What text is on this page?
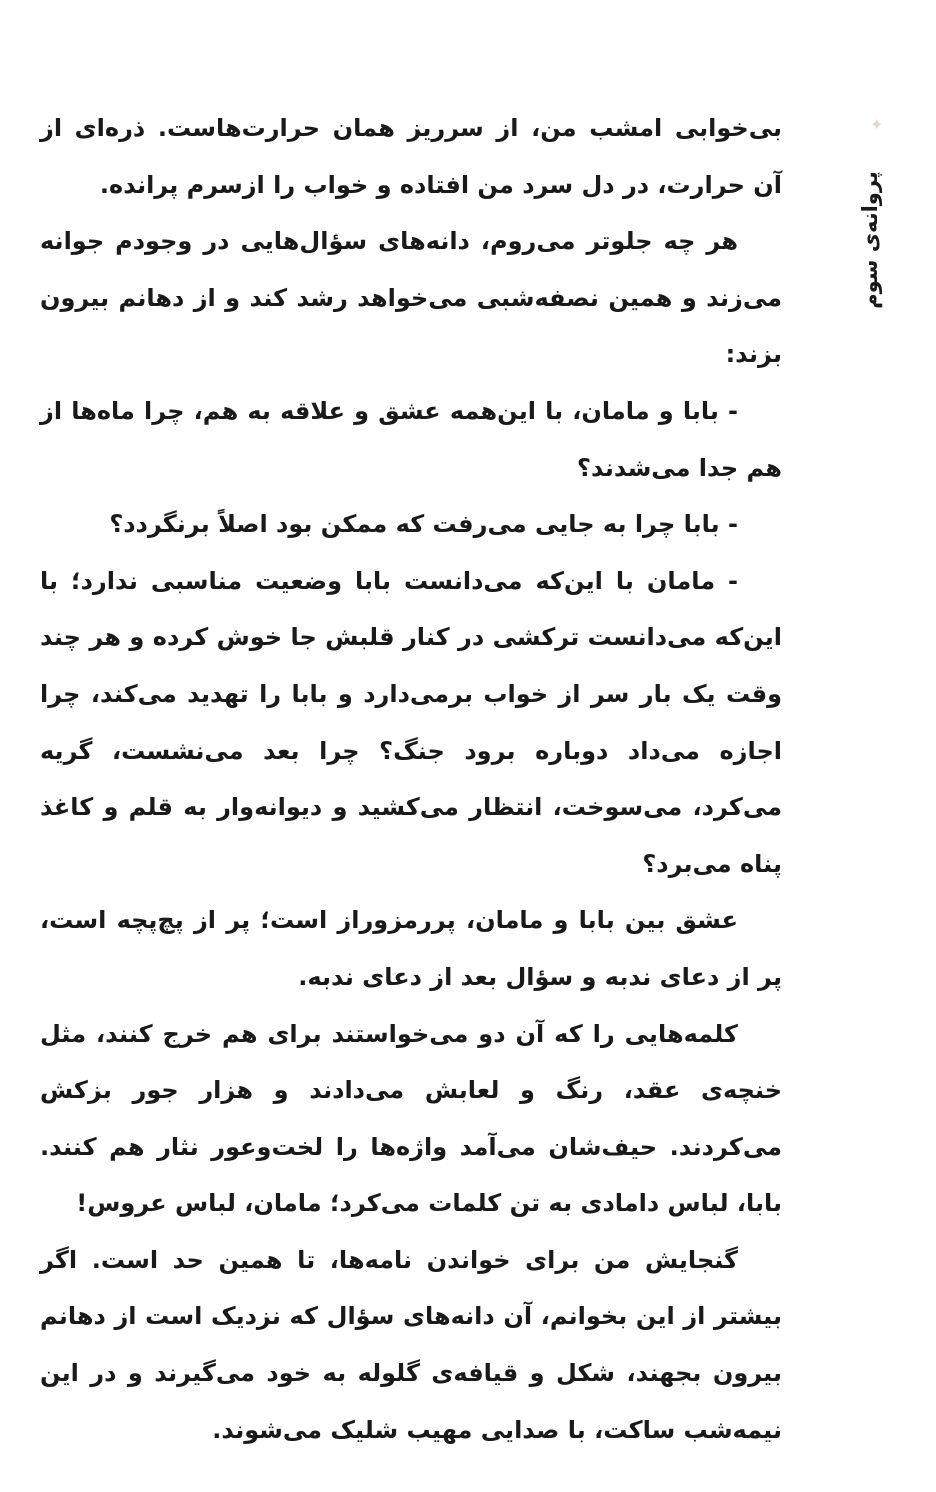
✦
پروانه‌ی سوم

بی‌خوابی امشب من، از سرریز همان حرارت‌هاست. ذره‌ای از آن حرارت، در دل سرد من افتاده و خواب را ازسرم پرانده.

هر چه جلوتر می‌روم، دانه‌های سؤال‌هایی در وجودم جوانه می‌زند و همین نصفه‌شبی می‌خواهد رشد کند و از دهانم بیرون بزند:

- بابا و مامان، با این‌همه عشق و علاقه به هم، چرا ماه‌ها از هم جدا می‌شدند؟

- بابا چرا به جایی می‌رفت که ممکن بود اصلاً برنگردد؟

- مامان با این‌که می‌دانست بابا وضعیت مناسبی ندارد؛ با این‌که می‌دانست ترکشی در کنار قلبش جا خوش کرده و هر چند وقت یک بار سر از خواب برمی‌دارد و بابا را تهدید می‌کند، چرا اجازه می‌داد دوباره برود جنگ؟ چرا بعد می‌نشست، گریه می‌کرد، می‌سوخت، انتظار می‌کشید و دیوانه‌وار به قلم و کاغذ پناه می‌برد؟

عشق بین بابا و مامان، پررمزوراز است؛ پر از پچ‌پچه است، پر از دعای ندبه و سؤال بعد از دعای ندبه.

کلمه‌هایی را که آن دو می‌خواستند برای هم خرج کنند، مثل خنچه‌ی عقد، رنگ و لعابش می‌دادند و هزار جور بزکش می‌کردند. حیف‌شان می‌آمد واژه‌ها را لخت‌وعور نثار هم کنند. بابا، لباس دامادی به تن کلمات می‌کرد؛ مامان، لباس عروس!

گنجایش من برای خواندن نامه‌ها، تا همین حد است. اگر بیشتر از این بخوانم، آن دانه‌های سؤال که نزدیک است از دهانم بیرون بجهند، شکل و قیافه‌ی گلوله به خود می‌گیرند و در این نیمه‌شب ساکت، با صدایی مهیب شلیک می‌شوند.
